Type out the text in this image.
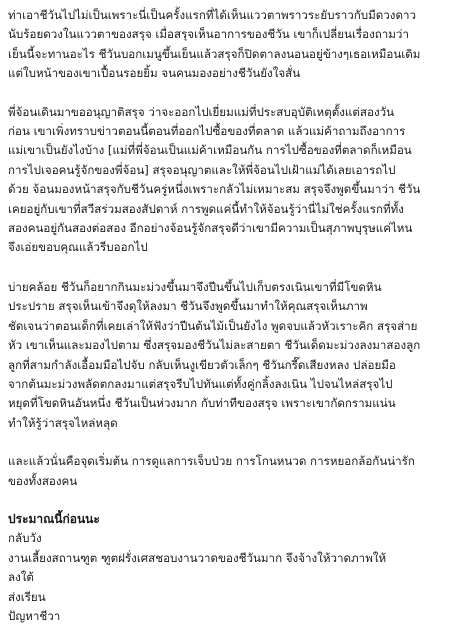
ท่าเอาชีวันไปไม่เป็นเพราะนี่เป็นครั้งแรกที่ได้เห็นแววตาพราวระยับราวกับมีดวงดาว
นับร้อยดวงในแววตาของสรุจ เมื่อสรุจเห็นอาการของชีวัน เขาก็เปลี่ยนเรื่องถามว่า
เย็นนี้จะทานอะไร ชีวันบอกเมนูขึ้นเย็นแล้วสรุจก็ปิดตาลงนอนอยู่ข้างๆเธอเหมือนเดิม
แต่ใบหน้าของเขาเปื้อนรอยยิ้ม จนคนมองอย่างชีวันยังใจสั่น

พี่จ้อนเดินมาขออนุญาติสรุจ ว่าจะออกไปเยี่ยมแม่ที่ประสบอุบัติเหตุตั้งแต่สองวัน
ก่อน เขาเพิ่งทราบข่าวตอนนี้ตอนที่ออกไปซื้อของที่ตลาด แล้วแม่ค้าถามถึงอาการ
แม่เขาเป็นยังไงบ้าง [แม่ที่พี่จ้อนเป็นแม่ค้าเหมือนกัน การไปซื้อของที่ตลาดก็เหมือน
การไปเจอคนรู้จักของพี่จ้อน] สรุจอนุญาตและให้พี่จ้อนไปเฝ้าแม่ได้เลยเอารถไป
ด้วย จ้อนมองหน้าสรุจกับชีวันครู่หนึ่งเพราะกลัวไม่เหมาะสม สรุจจึงพูดขึ้นมาว่า ชีวัน
เคยอยู่กับเขาที่สวีสร่วมสองสัปดาห์ การพูดแค่นี้ทำให้จ้อนรู้ว่านี่ไม่ใช่ครั้งแรกที่ทั้ง
สองคนอยู่กันสองต่อสอง อีกอย่างจ้อนรู้จักสรุจดีว่าเขามีความเป็นสุภาพบุรุษแค่ไหน
จึงเอ่ยขอบคุณแล้วรีบออกไป

บ่ายคล้อย ชีวันก็อยากกินมะม่วงขึ้นมาจึงปีนขึ้นไปเก็บตรงเนินเขาที่มีโขดหิน
ประปราย สรุจเห็นเข้าจึงดุให้ลงมา ชีวันจึงพูดขึ้นมาทำให้คุณสรุจเห็นภาพ
ชัดเจนว่าตอนเด็กที่เคยเล่าให้ฟังว่าปีนต้นไม้เป็นยังไง พูดจบแล้วหัวเราะคิก สรุจส่าย
หัว เขาเห็นและมองไปตาม ซึ่งสรุจมองชีวันไม่ละสายตา ชีวันเด็ดมะม่วงลงมาสองลูก
ลูกที่สามกำลังเอื้อมมือไปจับ กลับเห็นงูเขียวตัวเล็กๆ ชีวันกรี๊ดเสียงหลง ปล่อยมือ
จากต้นมะม่วงพลัดตกลงมาแต่สรุจรีบไปทันแต่ทั้งคู่กลิ้งลงเนิน ไปจนไหล่สรุจไป
หยุดที่โขดหินอันหนึ่ง ชีวันเป็นห่วงมาก กับท่าทีของสรุจ เพราะเขากัดกรามแน่น
ทำให้รู้ว่าสรุจไหล่หลุด

และแล้วนั่นคือจุดเริ่มต้น การดูแลการเจ็บป่วย การโกนหนวด การหยอกล้อกันน่ารัก
ของทั้งสองคน

ประมาณนี้ก่อนนะ

กลับวัง
งานเลี้ยงสถานฑูต ฑูตฝรั่งเศสชอบงานวาดของชีวันมาก จึงจ้างให้วาดภาพให้
ลงใต้
ส่งเรียน
ปัญหาชีวา
